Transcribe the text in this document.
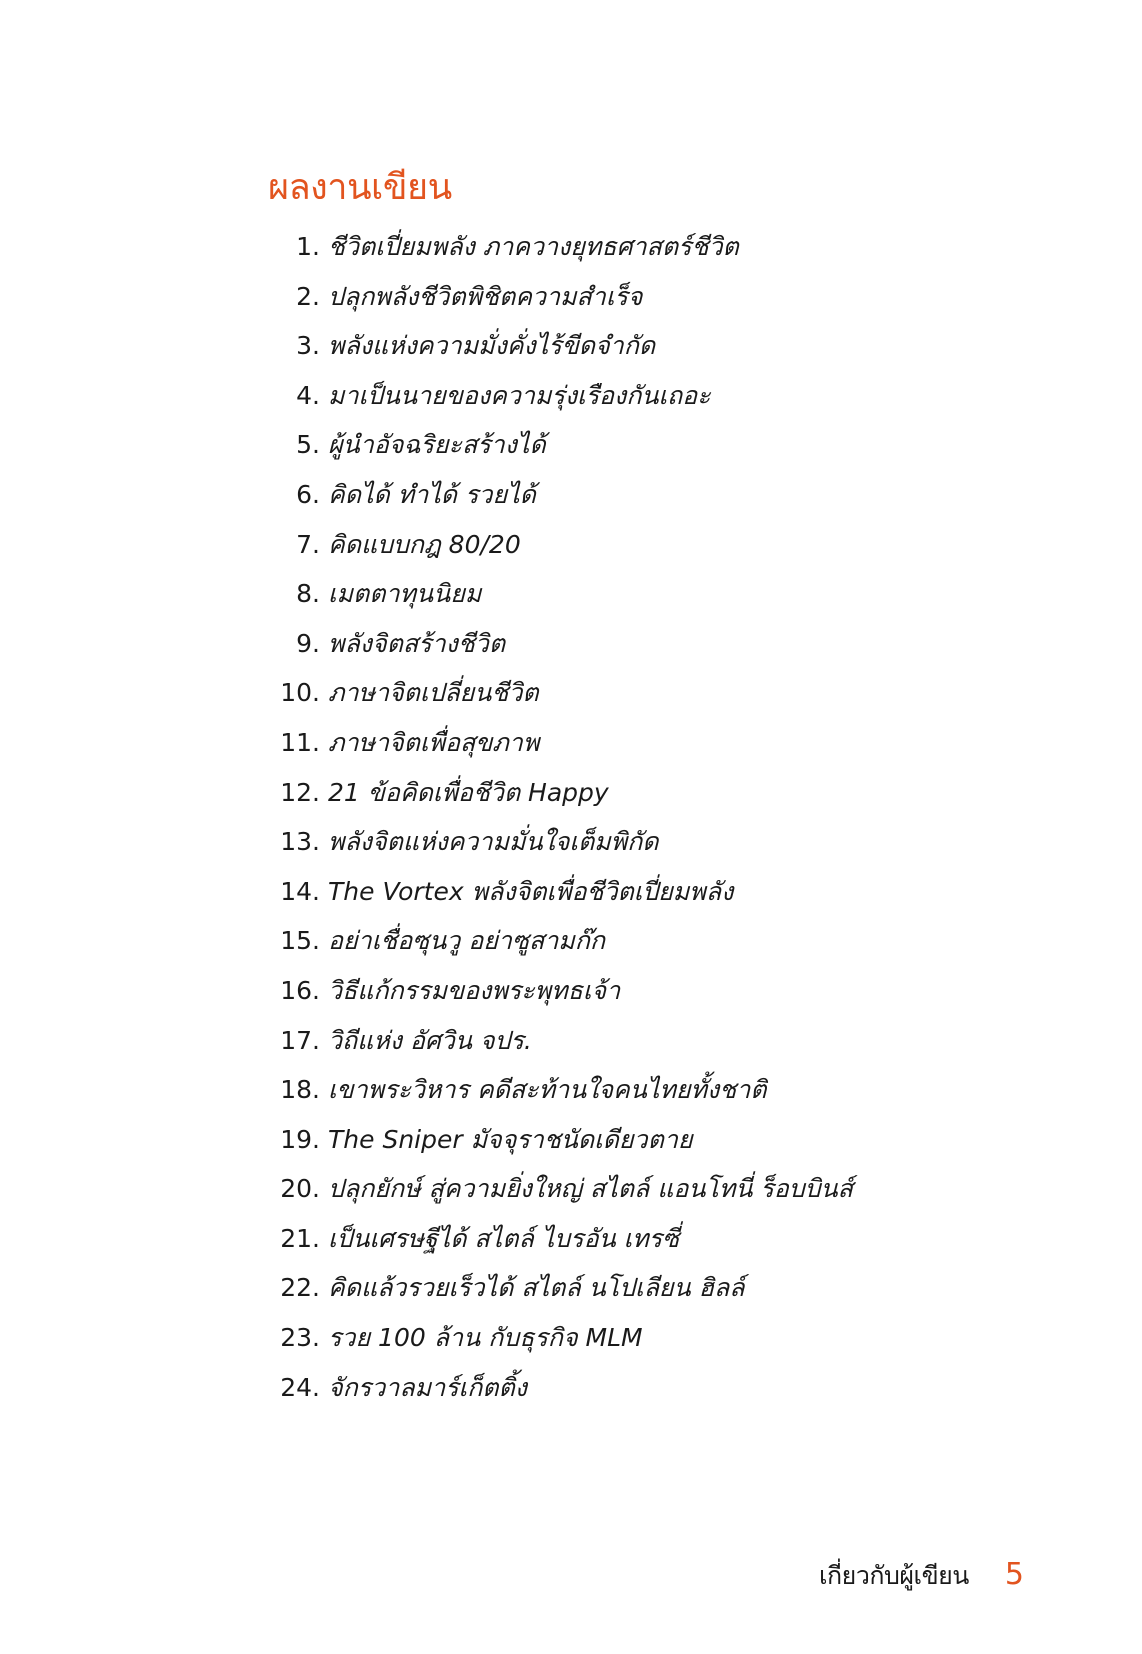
ผลงานเขียน
1. ชีวิตเปี่ยมพลัง ภาควางยุทธศาสตร์ชีวิต
2. ปลุกพลังชีวิตพิชิตความสำเร็จ
3. พลังแห่งความมั่งคั่งไร้ขีดจำกัด
4. มาเป็นนายของความรุ่งเรืองกันเถอะ
5. ผู้นำอัจฉริยะสร้างได้
6. คิดได้ ทำได้ รวยได้
7. คิดแบบกฎ 80/20
8. เมตตาทุนนิยม
9. พลังจิตสร้างชีวิต
10. ภาษาจิตเปลี่ยนชีวิต
11. ภาษาจิตเพื่อสุขภาพ
12. 21 ข้อคิดเพื่อชีวิต Happy
13. พลังจิตแห่งความมั่นใจเต็มพิกัด
14. The Vortex พลังจิตเพื่อชีวิตเปี่ยมพลัง
15. อย่าเชื่อซุนวู อย่าซูสามก๊ก
16. วิธีแก้กรรมของพระพุทธเจ้า
17. วิถีแห่ง อัศวิน จปร.
18. เขาพระวิหาร คดีสะท้านใจคนไทยทั้งชาติ
19. The Sniper มัจจุราชนัดเดียวตาย
20. ปลุกยักษ์ สู่ความยิ่งใหญ่ สไตล์ แอนโทนี่ ร็อบบินส์
21. เป็นเศรษฐีได้ สไตล์ ไบรอัน เทรซี่
22. คิดแล้วรวยเร็วได้ สไตล์ นโปเลียน ฮิลล์
23. รวย 100 ล้าน กับธุรกิจ MLM
24. จักรวาลมาร์เก็ตติ้ง
เกี่ยวกับผู้เขียน 5
